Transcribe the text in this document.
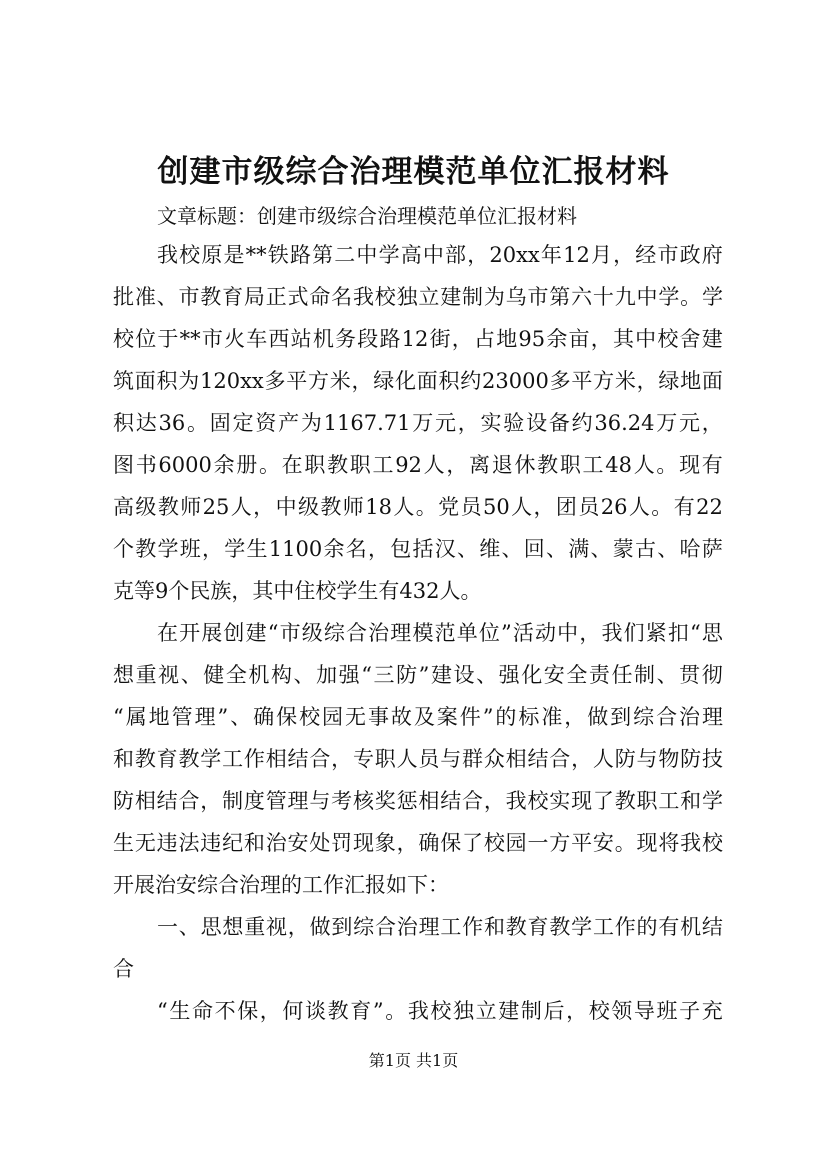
创建市级综合治理模范单位汇报材料
文章标题：创建市级综合治理模范单位汇报材料
我 校 原 是 ** 铁 路 第 二 中 学 高 中 部 ， 20xx 年 12 月 ， 经 市 政 府
批 准 、 市 教 育 局 正 式 命 名 我 校 独 立 建 制 为 乌 市 第 六 十 九 中 学 。 学
校 位 于 ** 市 火 车 西 站 机 务 段 路 12 街 ， 占 地 95 余 亩 ， 其 中 校 舍 建
筑 面 积 为 120xx 多 平 方 米 ， 绿 化 面 积 约 23000 多 平 方 米 ， 绿 地 面
积 达 36 。 固 定 资 产 为 1167.71 万 元 ， 实 验 设 备 约 36.24 万 元 ，
图 书 6000 余 册 。 在 职 教 职 工 92 人 ， 离 退 休 教 职 工 48 人 。 现 有
高 级 教 师 25 人 ， 中 级 教 师 18 人 。 党 员 50 人 ， 团 员 26 人 。 有 22
个 教 学 班 ， 学 生 1100 余 名 ， 包 括 汉 、 维 、 回 、 满 、 蒙 古 、 哈 萨
克等9个民族，其中住校学生有432人。
在 开 展 创 建 “ 市 级 综 合 治 理 模 范 单 位 ” 活 动 中 ， 我 们 紧 扣 “ 思
想 重 视 、 健 全 机 构 、 加 强 “ 三 防 ” 建 设 、 强 化 安 全 责 任 制 、 贯 彻
“ 属 地 管 理 ” 、 确 保 校 园 无 事 故 及 案 件 ” 的 标 准 ， 做 到 综 合 治 理
和 教 育 教 学 工 作 相 结 合 ， 专 职 人 员 与 群 众 相 结 合 ， 人 防 与 物 防 技
防 相 结 合 ， 制 度 管 理 与 考 核 奖 惩 相 结 合 ， 我 校 实 现 了 教 职 工 和 学
生 无 违 法 违 纪 和 治 安 处 罚 现 象 ， 确 保 了 校 园 一 方 平 安 。 现 将 我 校
开展治安综合治理的工作汇报如下：
一 、 思 想 重 视 ， 做 到 综 合 治 理 工 作 和 教 育 教 学 工 作 的 有 机 结
合
“ 生 命 不 保 ， 何 谈 教 育 ” 。 我 校 独 立 建 制 后 ， 校 领 导 班 子 充
第1页 共1页
